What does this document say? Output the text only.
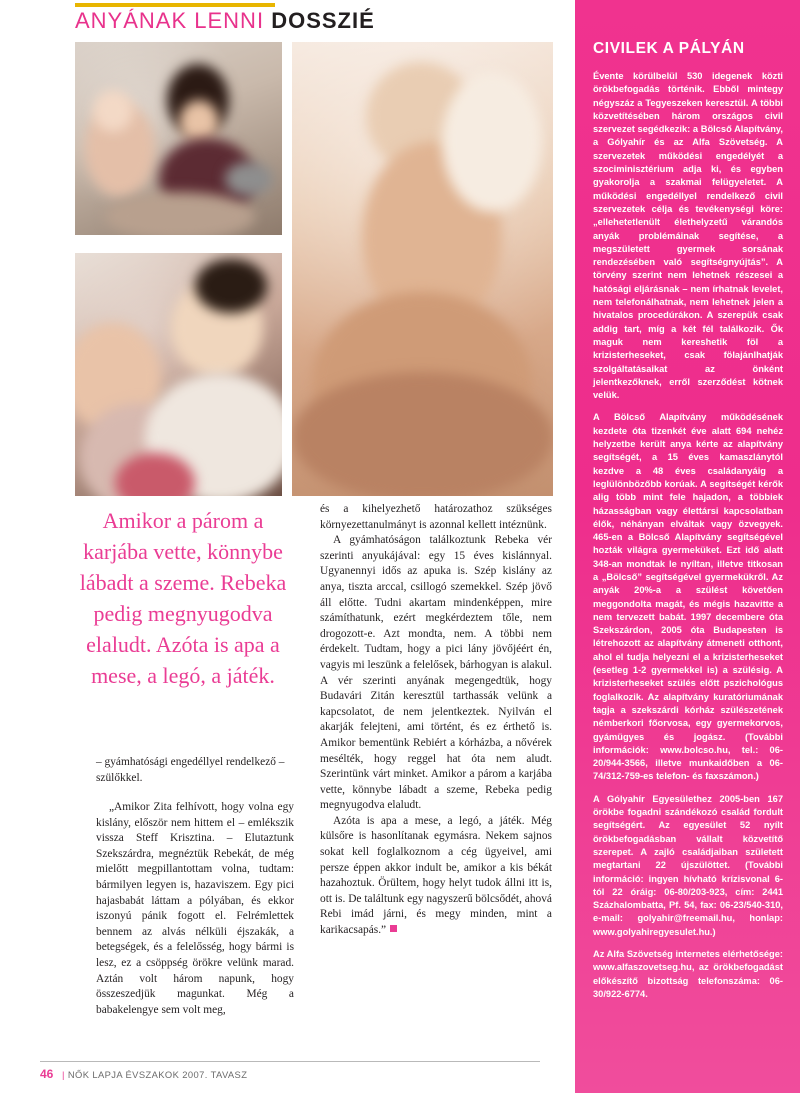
ANYÁNAK LENNI DOSSZIÉ
Amikor a párom a karjába vette, könnybe lábadt a szeme. Rebeka pedig megnyugodva elaludt. Azóta is apa a mese, a legó, a játék.
– gyámhatósági engedéllyel rendelkező – szülőkkel.

„Amikor Zita felhívott, hogy volna egy kislány, először nem hittem el – emlékszik vissza Steff Krisztina. – Elutaztunk Szekszárdra, megnéztük Rebekát, de még mielőtt megpillantottam volna, tudtam: bármilyen legyen is, hazaviszem. Egy pici hajasbabát láttam a pólyában, és ekkor iszonyú pánik fogott el. Felrémlettek bennem az alvás nélküli éjszakák, a betegségek, és a felelősség, hogy bármi is lesz, ez a csöppség örökre velünk marad. Aztán volt három napunk, hogy összeszedjük magunkat. Még a babakelengye sem volt meg,

és a kihelyezhető határozathoz szükséges környezettanulmányt is azonnal kellett intéznünk.

A gyámhatóságon találkoztunk Rebeka vér szerinti anyukájával: egy 15 éves kislánnyal. Ugyanennyi idős az apuka is. Szép kislány az anya, tiszta arccal, csillogó szemekkel. Szép jövő áll előtte. Tudni akartam mindenképpen, mire számíthatunk, ezért megkérdeztem tőle, nem drogozott-e. Azt mondta, nem. A többi nem érdekelt. Tudtam, hogy a pici lány jövőjéért én, vagyis mi leszünk a felelősek, bárhogyan is alakul. A vér szerinti anyának megengedtük, hogy Budavári Zitán keresztül tarthassák velünk a kapcsolatot, de nem jelentkeztek. Nyilván el akarják felejteni, ami történt, és ez érthető is. Amikor bementünk Rebiért a kórházba, a nővérek mesélték, hogy reggel hat óta nem aludt. Szerintünk várt minket. Amikor a párom a karjába vette, könnybe lábadt a szeme, Rebeka pedig megnyugodva elaludt.

Azóta is apa a mese, a legó, a játék. Még külsőre is hasonlítanak egymásra. Nekem sajnos sokat kell foglalkoznom a cég ügyeivel, ami persze éppen akkor indult be, amikor a kis békát hazahoztuk. Örültem, hogy helyt tudok állni itt is, ott is. De találtunk egy nagyszerű bölcsődét, ahová Rebi imád járni, és megy minden, mint a karikacsapás.”

CIVILEK A PÁLYÁN

Évente körülbelül 530 idegenek közti örökbefogadás történik. Ebből mintegy négyszáz a Tegyeszeken keresztül. A többi közvetítésében három országos civil szervezet segédkezik: a Bölcső Alapítvány, a Gólyahír és az Alfa Szövetség. A szervezetek működési engedélyét a szociminisztérium adja ki, és egyben gyakorolja a szakmai felügyeletet. A működési engedéllyel rendelkező civil szervezetek célja és tevékenységi köre: „ellehetetlenült élethelyzetű várandós anyák problémáinak segítése, a megszületett gyermek sorsának rendezésében való segítségnyújtás”. A törvény szerint nem lehetnek részesei a hatósági eljárásnak – nem írhatnak levelet, nem telefonálhatnak, nem lehetnek jelen a hivatalos procedúrákon. A szerepük csak addig tart, míg a két fél találkozik. Ők maguk nem kereshetik föl a krizisterheseket, csak fölajánlhatják szolgáltatásaikat az önként jelentkezőknek, erről szerződést kötnek velük.

A Bölcső Alapítvány működésének kezdete óta tizenkét éve alatt 694 nehéz helyzetbe került anya kérte az alapítvány segítségét, a 15 éves kamaszlánytól kezdve a 48 éves családanyáig a leglülönbözőbb korúak. A segítségét kérők alig több mint fele hajadon, a többiek házasságban vagy élettársi kapcsolatban élők, néhányan elváltak vagy özvegyek. 465-en a Bölcső Alapítvány segítségével hozták világra gyermeküket. Ezt idő alatt 348-an mondtak le nyíltan, illetve titkosan a „Bölcső” segítségével gyermekükről. Az anyák 20%-a a szülést követően meggondolta magát, és mégis hazavitte a nem tervezett babát. 1997 decembere óta Szekszárdon, 2005 óta Budapesten is létrehozott az alapítvány átmeneti otthont, ahol el tudja helyezni el a krizisterheseket (esetleg 1-2 gyermekkel is) a szülésig. A krizisterheseket szülés előtt pszichológus foglalkozik. Az alapítvány kuratóriumának tagja a szekszárdi kórház szülészetének némberkori főorvosa, egy gyermekorvos, gyámügyes és jogász. (További információk: www.bolcso.hu, tel.: 06-20/944-3566, illetve munkaidőben a 06-74/312-759-es telefon- és faxszámon.)

A Gólyahír Egyesülethez 2005-ben 167 örökbe fogadni szándékozó család fordult segítségért. Az egyesület 52 nyílt örökbefogadásban vállalt közvetítő szerepet. A zajló családjaiban született megtartani 22 újszülöttet. (További információ: ingyen hívható krízisvonal 6-tól 22 óráig: 06-80/203-923, cím: 2441 Százhalombatta, Pf. 54, fax: 06-23/540-310, e-mail: golyahir@freemail.hu, honlap: www.golyahiregyesulet.hu.)

Az Alfa Szövetség internetes elérhetősége: www.alfaszovetseg.hu, az örökbefogadást előkészítő bizottság telefonszáma: 06-30/922-6774.

46 | NŐK LAPJA ÉVSZAKOK 2007. TAVASZ
